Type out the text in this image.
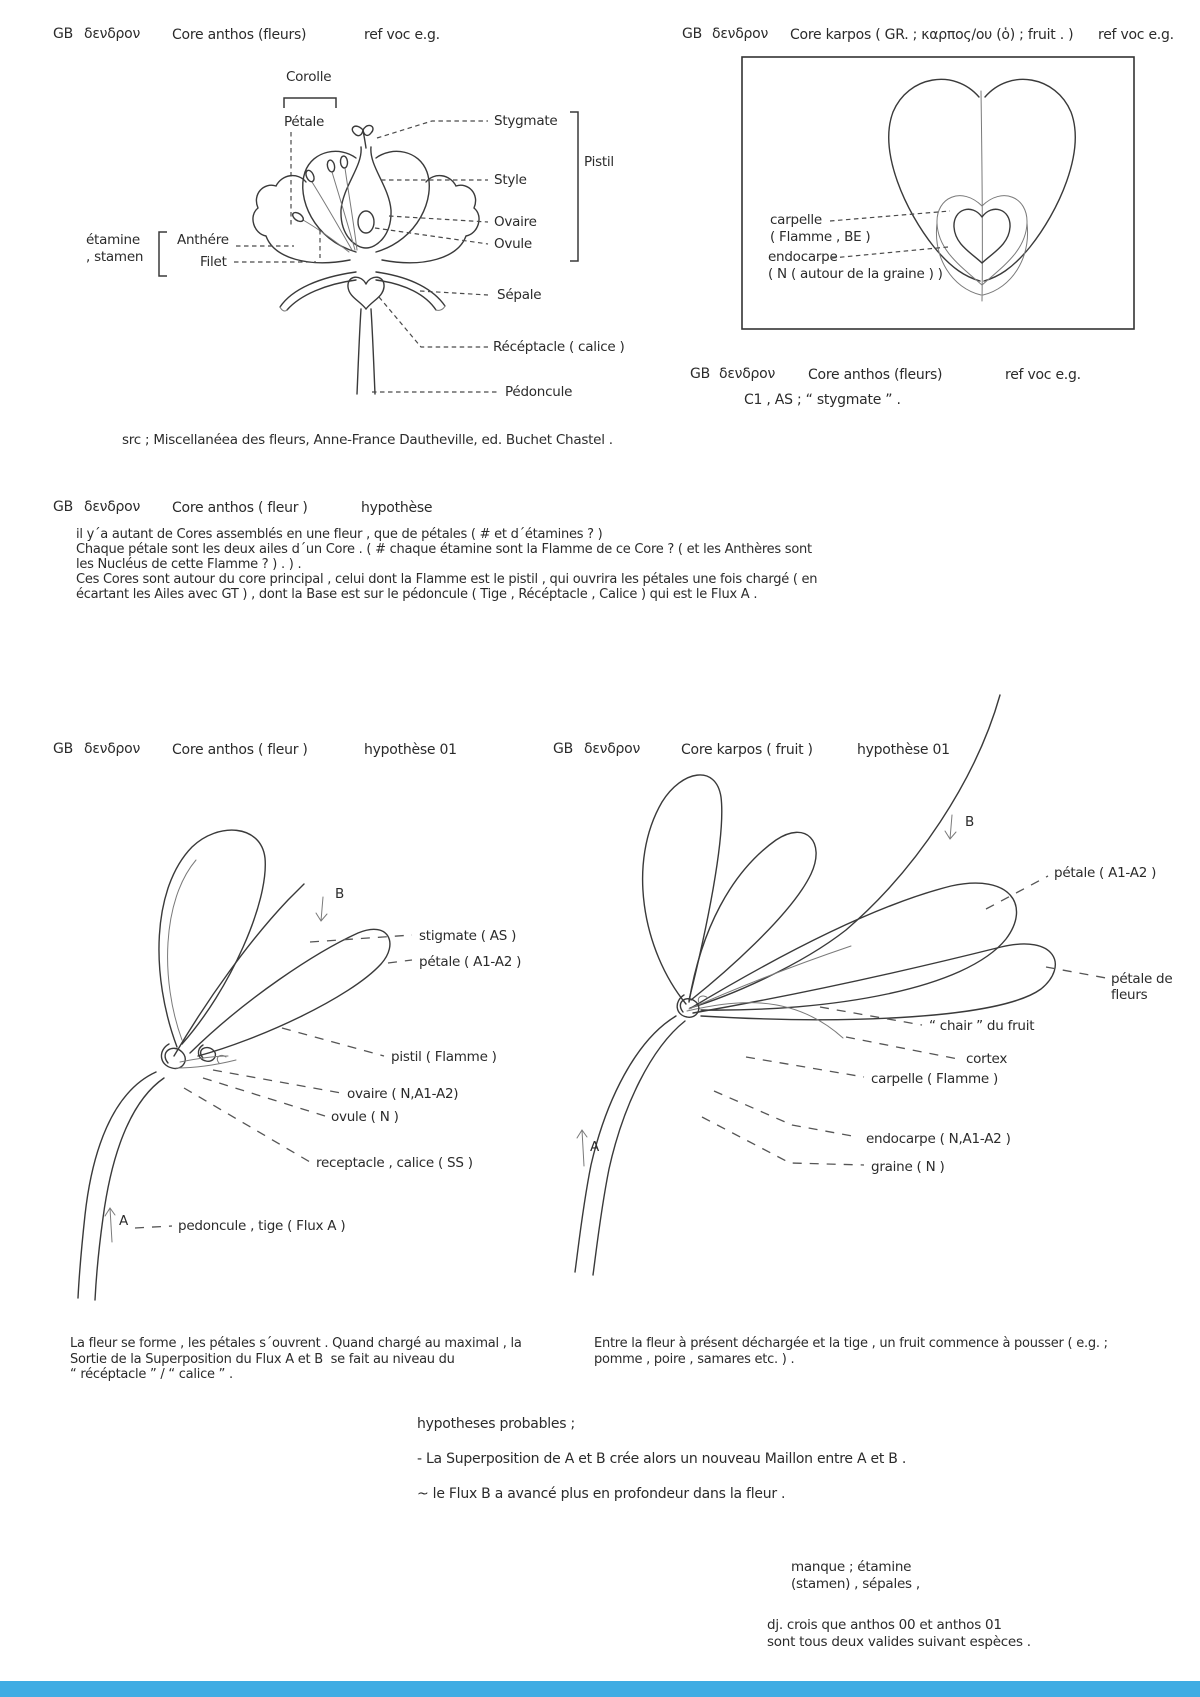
GB δενδρον Core anthos (fleurs)	ref voc e.g.
Corolle
Pétale	Stygmate
Style
Ovaire
Ovule
Pistil
étamine
, stamen
Anthére
Filet
Sépale
Récéptacle ( calice )
Pédoncule
src ; Miscellanéea des fleurs, Anne-France Dautheville, ed. Buchet Chastel .
GB δενδρον Core karpos ( GR. ; καρπος/ου (ὁ) ; fruit . ) ref voc e.g.
carpelle
( Flamme , BE )
endocarpe
( N ( autour de la graine ) )
GB δενδρον Core anthos (fleurs)	ref voc e.g.
C1 , AS ; “ stygmate ” .
GB δενδρον Core anthos ( fleur )	hypothèse
il y´a autant de Cores assemblés en une fleur , que de pétales ( # et d´étamines ? )
Chaque pétale sont les deux ailes d´un Core . ( # chaque étamine sont la Flamme de ce Core ? ( et les Anthères sont
les Nucléus de cette Flamme ? ) . ) .
Ces Cores sont autour du core principal , celui dont la Flamme est le pistil , qui ouvrira les pétales une fois chargé ( en
écartant les Ailes avec GT ) , dont la Base est sur le pédoncule ( Tige , Récéptacle , Calice ) qui est le Flux A .
GB δενδρον Core anthos ( fleur )	hypothèse 01	GB δενδρον	Core karpos ( fruit )	hypothèse 01
B
stigmate ( AS )
pétale ( A1-A2 )
pistil ( Flamme )
ovaire ( N,A1-A2)
ovule ( N )
receptacle , calice ( SS )
A	pedoncule , tige ( Flux A )
B
pétale ( A1-A2 )
pétale de
fleurs
“ chair ” du fruit
cortex
carpelle ( Flamme )
endocarpe ( N,A1-A2 )
graine ( N )
A
La fleur se forme , les pétales s´ouvrent . Quand chargé au maximal , la
Sortie de la Superposition du Flux A et B  se fait au niveau du
“ récéptacle ” / “ calice ” .
Entre la fleur à présent déchargée et la tige , un fruit commence à pousser ( e.g. ;
pomme , poire , samares etc. ) .
hypotheses probables ;
- La Superposition de A et B crée alors un nouveau Maillon entre A et B .
~ le Flux B a avancé plus en profondeur dans la fleur .
manque ; étamine
(stamen) , sépales ,
dj. crois que anthos 00 et anthos 01
sont tous deux valides suivant espèces .
